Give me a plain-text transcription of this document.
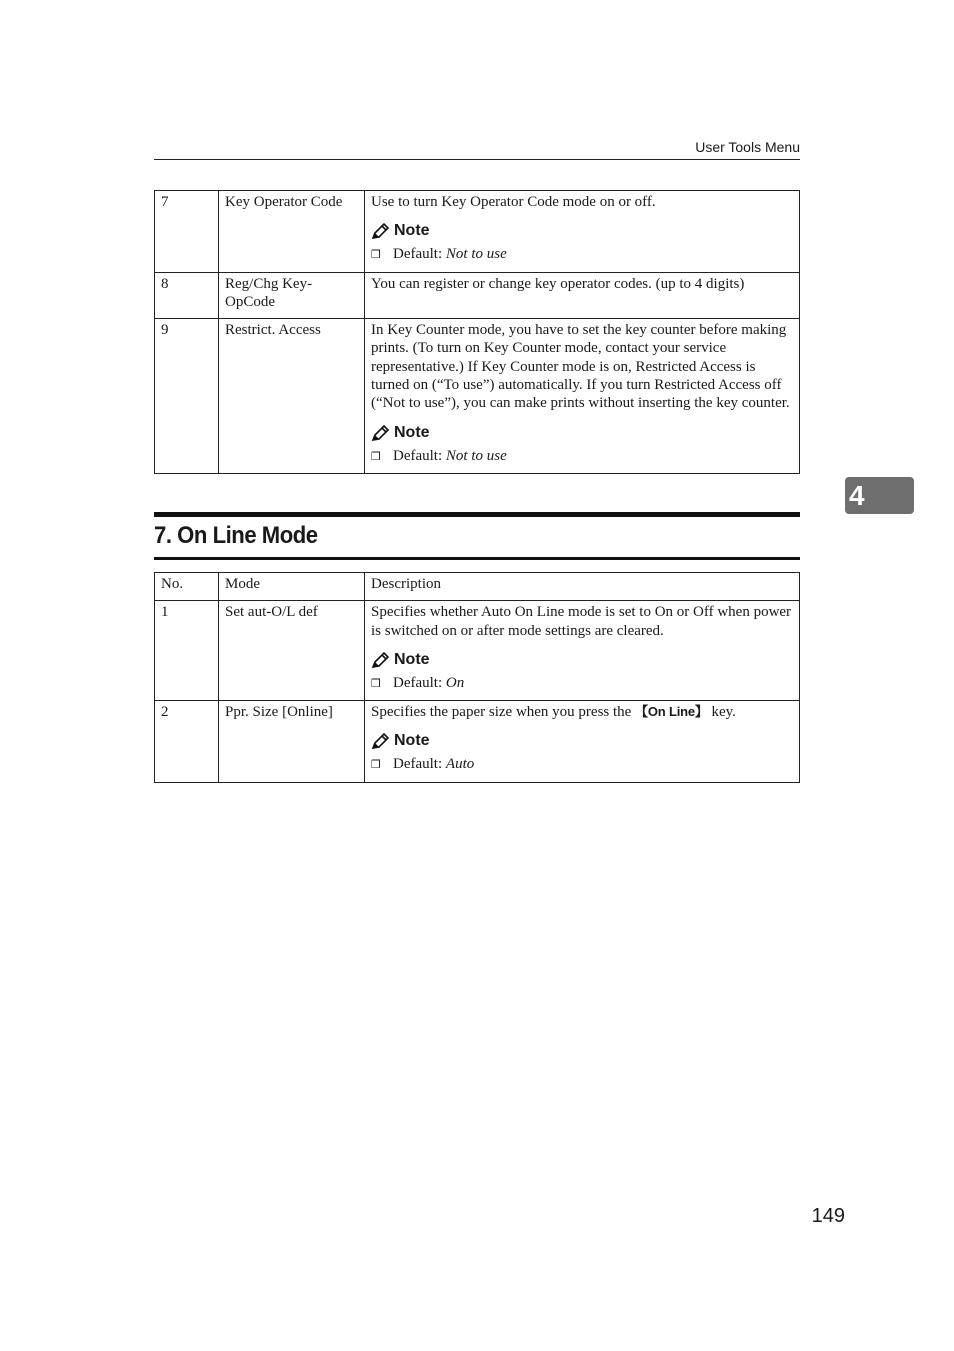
User Tools Menu
7	Key Operator Code	Use to turn Key Operator Code mode on or off.
Note
❒ Default: Not to use

8	Reg/Chg Key-OpCode	You can register or change key operator codes. (up to 4 digits)

9	Restrict. Access	In Key Counter mode, you have to set the key counter before making prints. (To turn on Key Counter mode, contact your service representative.) If Key Counter mode is on, Restricted Access is turned on (“To use”) automatically. If you turn Restricted Access off (“Not to use”), you can make prints without inserting the key counter.
Note
❒ Default: Not to use
4
7. On Line Mode
No.	Mode	Description
1	Set aut-O/L def	Specifies whether Auto On Line mode is set to On or Off when power is switched on or after mode settings are cleared.
Note
❒ Default: On

2	Ppr. Size [Online]	Specifies the paper size when you press the 【On Line】 key.
Note
❒ Default: Auto
149
